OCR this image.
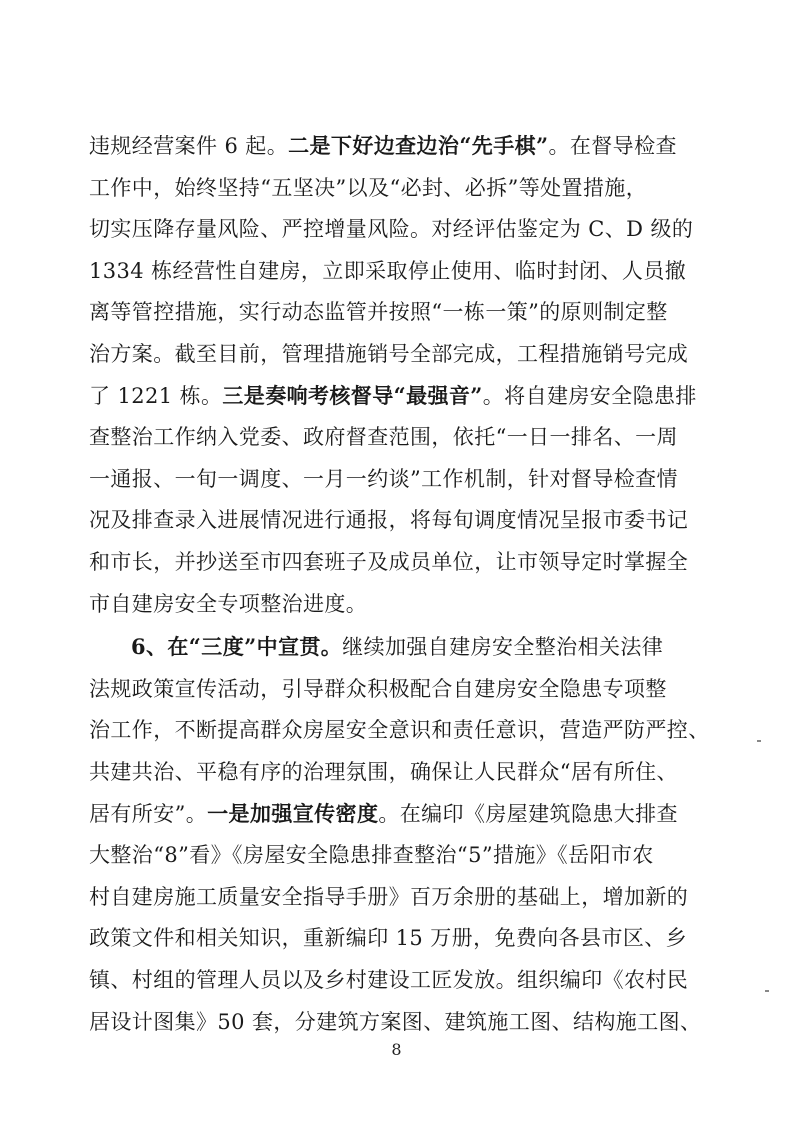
违规经营案件 6 起。二是下好边查边治“先手棋”。在督导检查
工作中，始终坚持“五坚决”以及“必封、必拆”等处置措施，
切实压降存量风险、严控增量风险。对经评估鉴定为 C、D 级的
1334 栋经营性自建房，立即采取停止使用、临时封闭、人员撤
离等管控措施，实行动态监管并按照“一栋一策”的原则制定整
治方案。截至目前，管理措施销号全部完成，工程措施销号完成
了 1221 栋。三是奏响考核督导“最强音”。将自建房安全隐患排
查整治工作纳入党委、政府督查范围，依托“一日一排名、一周
一通报、一旬一调度、一月一约谈”工作机制，针对督导检查情
况及排查录入进展情况进行通报，将每旬调度情况呈报市委书记
和市长，并抄送至市四套班子及成员单位，让市领导定时掌握全
市自建房安全专项整治进度。
6、在“三度”中宣贯。继续加强自建房安全整治相关法律
法规政策宣传活动，引导群众积极配合自建房安全隐患专项整
治工作，不断提高群众房屋安全意识和责任意识，营造严防严控、
共建共治、平稳有序的治理氛围，确保让人民群众“居有所住、
居有所安”。一是加强宣传密度。在编印《房屋建筑隐患大排查
大整治“8”看》《房屋安全隐患排查整治“5”措施》《岳阳市农
村自建房施工质量安全指导手册》百万余册的基础上，增加新的
政策文件和相关知识，重新编印 15 万册，免费向各县市区、乡
镇、村组的管理人员以及乡村建设工匠发放。组织编印《农村民
居设计图集》50 套，分建筑方案图、建筑施工图、结构施工图、
8
